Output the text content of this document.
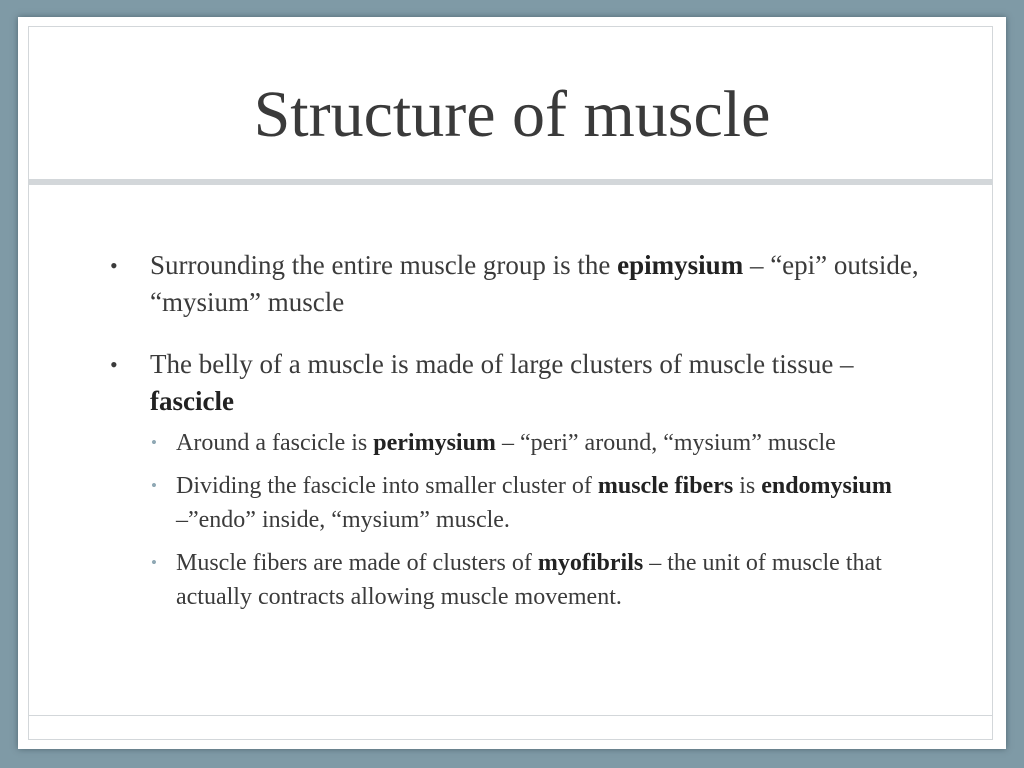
Structure of muscle
• Surrounding the entire muscle group is the epimysium – “epi” outside, “mysium” muscle
• The belly of a muscle is made of large clusters of muscle tissue – fascicle
• Around a fascicle is perimysium – “peri” around, “mysium” muscle
• Dividing the fascicle into smaller cluster of muscle fibers is endomysium –”endo” inside, “mysium” muscle.
• Muscle fibers are made of clusters of myofibrils – the unit of muscle that actually contracts allowing muscle movement.
